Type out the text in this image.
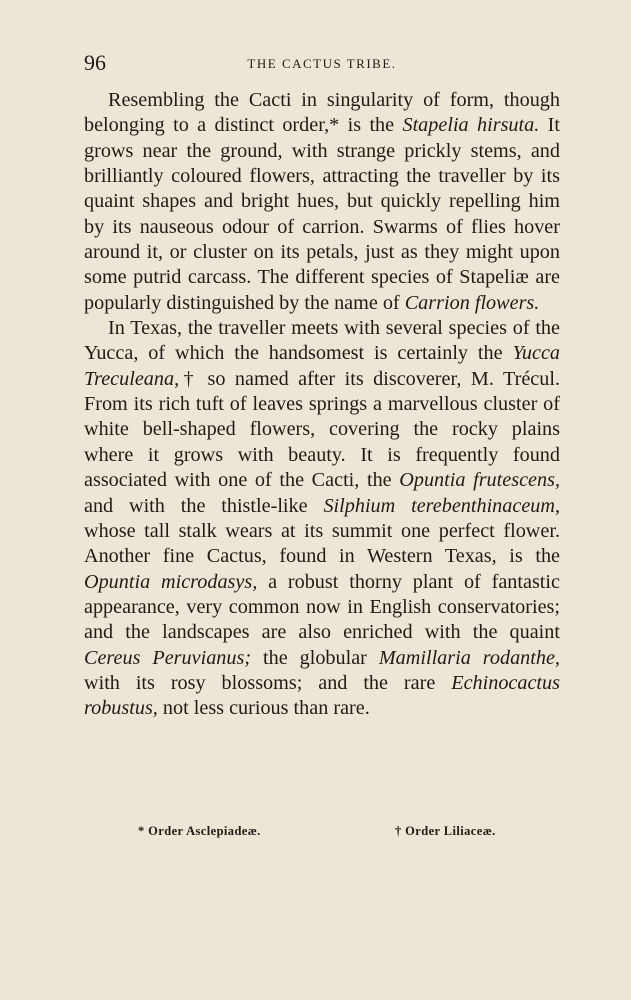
96	THE CACTUS TRIBE.

Resembling the Cacti in singularity of form, though belonging to a distinct order,* is the Stapelia hirsuta. It grows near the ground, with strange prickly stems, and brilliantly coloured flowers, attracting the traveller by its quaint shapes and bright hues, but quickly repelling him by its nauseous odour of carrion. Swarms of flies hover around it, or cluster on its petals, just as they might upon some putrid carcass. The different species of Stapeliæ are popularly distinguished by the name of Carrion flowers.

In Texas, the traveller meets with several species of the Yucca, of which the handsomest is certainly the Yucca Treculeana,† so named after its discoverer, M. Trécul. From its rich tuft of leaves springs a marvellous cluster of white bell-shaped flowers, covering the rocky plains where it grows with beauty. It is frequently found associated with one of the Cacti, the Opuntia frutescens, and with the thistle-like Silphium terebenthinaceum, whose tall stalk wears at its summit one perfect flower. Another fine Cactus, found in Western Texas, is the Opuntia microdasys, a robust thorny plant of fantastic appearance, very common now in English conservatories; and the landscapes are also enriched with the quaint Cereus Peruvianus; the globular Mamillaria rodanthe, with its rosy blossoms; and the rare Echinocactus robustus, not less curious than rare.

* Order Asclepiadeæ.	† Order Liliaceæ.
